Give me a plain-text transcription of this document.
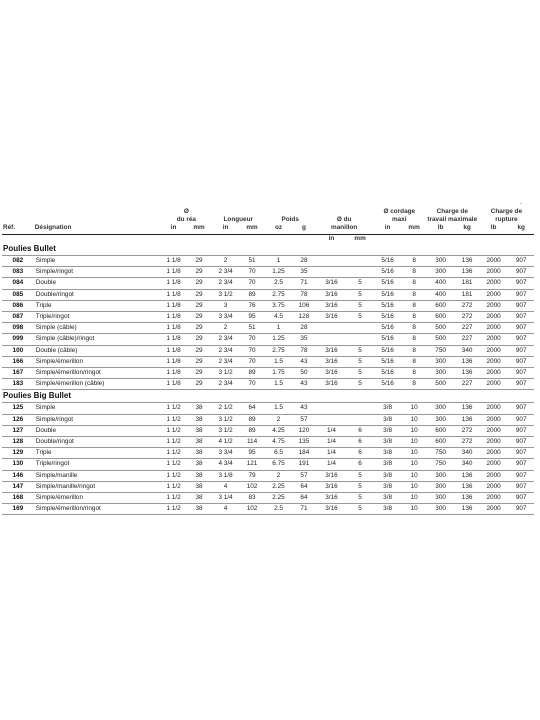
-
		Ø								Ø cordage		Charge de		Charge de	
		du réa		Longueur		Poids		Ø du		maxi		travail maximale		rupture	
Réf.	Désignation	in	mm	in	mm	oz	g	manillon		in	mm	lb	kg	lb	kg
								in	mm						
Poulies Bullet															
082	Simple	1 1/8	29	2	51	1	28			5/16	8	300	136	2000	907
083	Simple/ringot	1 1/8	29	2 3/4	70	1.25	35			5/16	8	300	136	2000	907
084	Double	1 1/8	29	2 3/4	70	2.5	71	3/16	5	5/16	8	400	181	2000	907
085	Double/ringot	1 1/8	29	3 1/2	89	2.75	78	3/16	5	5/16	8	400	181	2000	907
086	Triple	1 1/8	29	3	76	3.75	106	3/16	5	5/16	8	600	272	2000	907
087	Triple/ringot	1 1/8	29	3 3/4	95	4.5	128	3/16	5	5/16	8	600	272	2000	907
098	Simple (câble)	1 1/8	29	2	51	1	28			5/16	8	500	227	2000	907
099	Simple (câble)/ringot	1 1/8	29	2 3/4	70	1.25	35			5/16	8	500	227	2000	907
100	Double (câble)	1 1/8	29	2 3/4	70	2.75	78	3/16	5	5/16	8	750	340	2000	907
166	Simple/émerillon	1 1/8	29	2 3/4	70	1.5	43	3/16	5	5/16	8	300	136	2000	907
167	Simple/émerillon/ringot	1 1/8	29	3 1/2	89	1.75	50	3/16	5	5/16	8	300	136	2000	907
183	Simple/émerillon (câble)	1 1/8	29	2 3/4	70	1.5	43	3/16	5	5/16	8	500	227	2000	907
Poulies Big Bullet															
125	Simple	1 1/2	38	2 1/2	64	1.5	43			3/8	10	300	136	2000	907
126	Simple/ringot	1 1/2	38	3 1/2	89	2	57			3/8	10	300	136	2000	907
127	Double	1 1/2	38	3 1/2	89	4.25	120	1/4	6	3/8	10	600	272	2000	907
128	Double/ringot	1 1/2	38	4 1/2	114	4.75	135	1/4	6	3/8	10	600	272	2000	907
129	Triple	1 1/2	38	3 3/4	95	6.5	184	1/4	6	3/8	10	750	340	2000	907
130	Triple/ringot	1 1/2	38	4 3/4	121	6.75	191	1/4	6	3/8	10	750	340	2000	907
146	Simple/manille	1 1/2	38	3 1/8	79	2	57	3/16	5	3/8	10	300	136	2000	907
147	Simple/manille/ringot	1 1/2	38	4	102	2.25	64	3/16	5	3/8	10	300	136	2000	907
168	Simple/émerillon	1 1/2	38	3 1/4	83	2.25	64	3/16	5	3/8	10	300	136	2000	907
169	Simple/émerillon/ringot	1 1/2	38	4	102	2.5	71	3/16	5	3/8	10	300	136	2000	907
